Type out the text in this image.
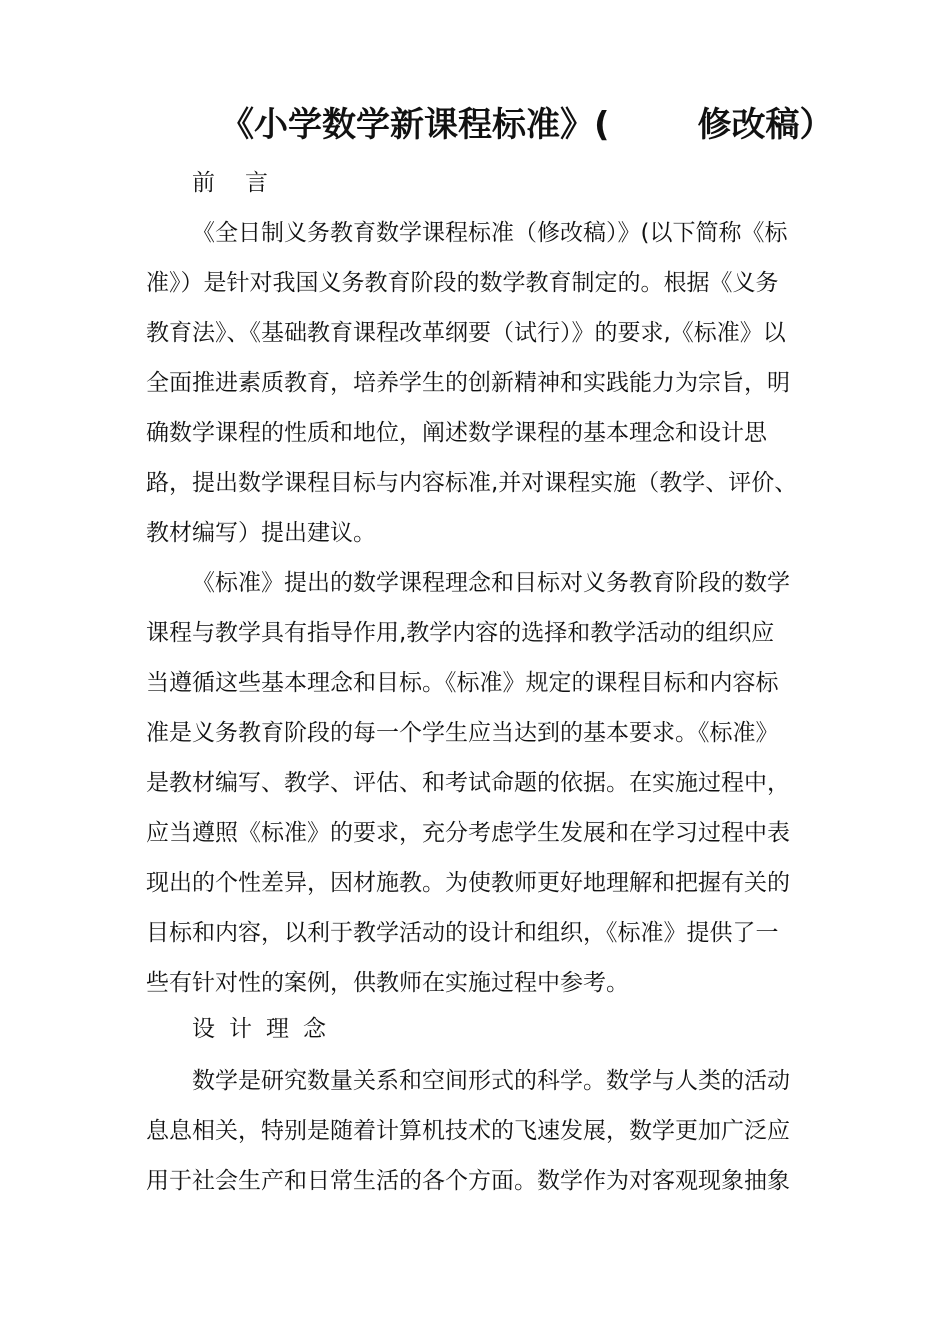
《小学数学新课程标准》(	修改稿）
前言
《全日制义务教育数学课程标准（修改稿）》(以下简称《标
准》）是针对我国义务教育阶段的数学教育制定的。根据《义务
教育法》、《基础教育课程改革纲要（试行）》的要求,《标准》以
全面推进素质教育，培养学生的创新精神和实践能力为宗旨，明
确数学课程的性质和地位，阐述数学课程的基本理念和设计思
路，提出数学课程目标与内容标准,并对课程实施（教学、评价、
教材编写）提出建议。
《标准》提出的数学课程理念和目标对义务教育阶段的数学
课程与教学具有指导作用,教学内容的选择和教学活动的组织应
当遵循这些基本理念和目标。《标准》规定的课程目标和内容标
准是义务教育阶段的每一个学生应当达到的基本要求。《标准》
是教材编写、教学、评估、和考试命题的依据。在实施过程中，
应当遵照《标准》的要求，充分考虑学生发展和在学习过程中表
现出的个性差异，因材施教。为使教师更好地理解和把握有关的
目标和内容，以利于教学活动的设计和组织，《标准》提供了一
些有针对性的案例，供教师在实施过程中参考。
设计理念
数学是研究数量关系和空间形式的科学。数学与人类的活动
息息相关，特别是随着计算机技术的飞速发展，数学更加广泛应
用于社会生产和日常生活的各个方面。数学作为对客观现象抽象
